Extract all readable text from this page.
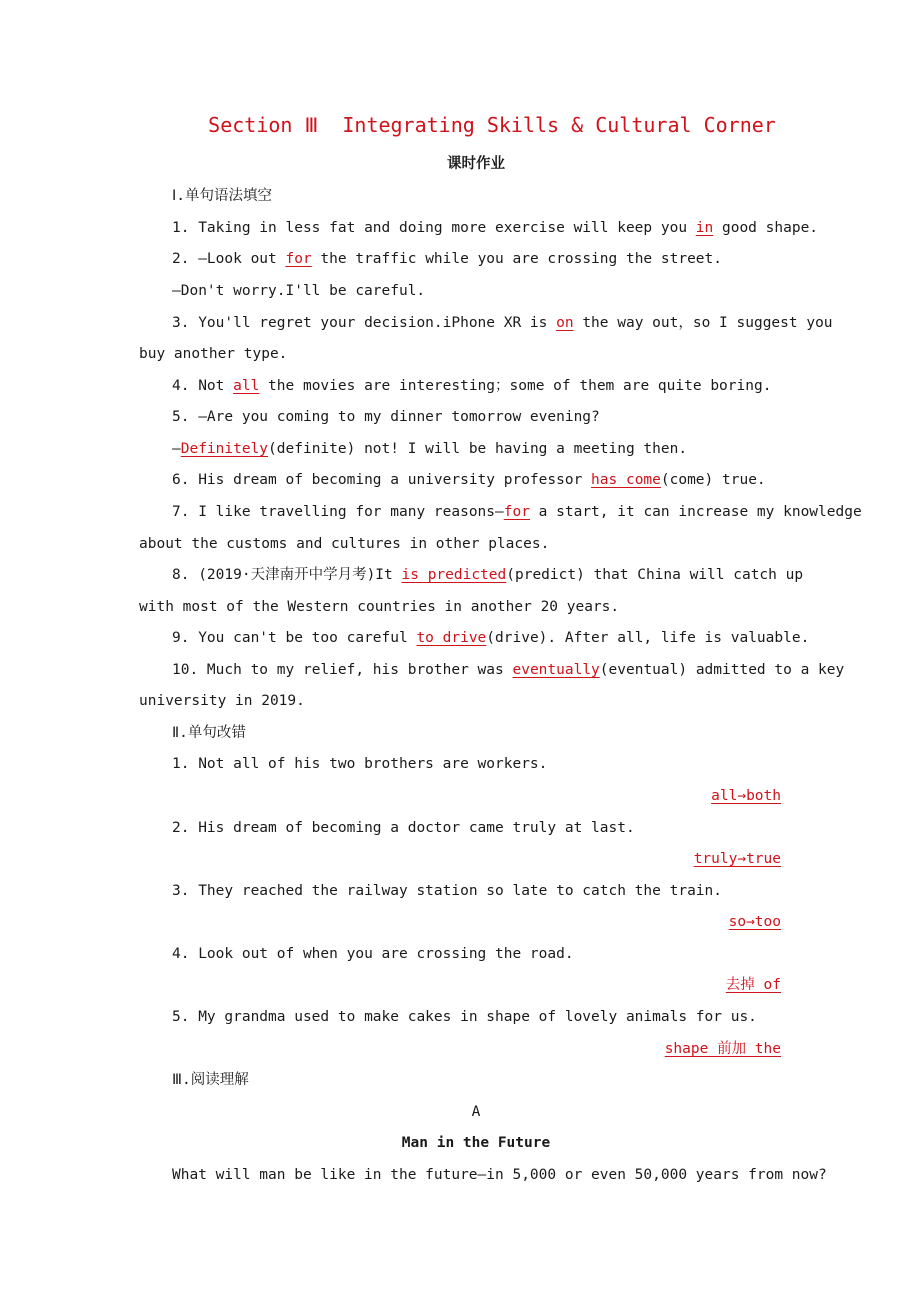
Section Ⅲ  Integrating Skills & Cultural Corner
课时作业
Ⅰ.单句语法填空
1. Taking in less fat and doing more exercise will keep you in good shape.
2. —Look out for the traffic while you are crossing the street.
—Don't worry.I'll be careful.
3. You'll regret your decision.iPhone XR is on the way out，so I suggest you
buy another type.
4. Not all the movies are interesting；some of them are quite boring.
5. —Are you coming to my dinner tomorrow evening?
—Definitely(definite) not! I will be having a meeting then.
6. His dream of becoming a university professor has come(come) true.
7. I like travelling for many reasons—for a start, it can increase my knowledge
about the customs and cultures in other places.
8. (2019·天津南开中学月考)It is predicted(predict) that China will catch up
with most of the Western countries in another 20 years.
9. You can't be too careful to drive(drive). After all, life is valuable.
10. Much to my relief, his brother was eventually(eventual) admitted to a key
university in 2019.
Ⅱ.单句改错
1. Not all of his two brothers are workers.
all→both
2. His dream of becoming a doctor came truly at last.
truly→true
3. They reached the railway station so late to catch the train.
so→too
4. Look out of when you are crossing the road.
去掉 of
5. My grandma used to make cakes in shape of lovely animals for us.
shape 前加 the
Ⅲ.阅读理解
A
Man in the Future
What will man be like in the future—in 5,000 or even 50,000 years from now?
